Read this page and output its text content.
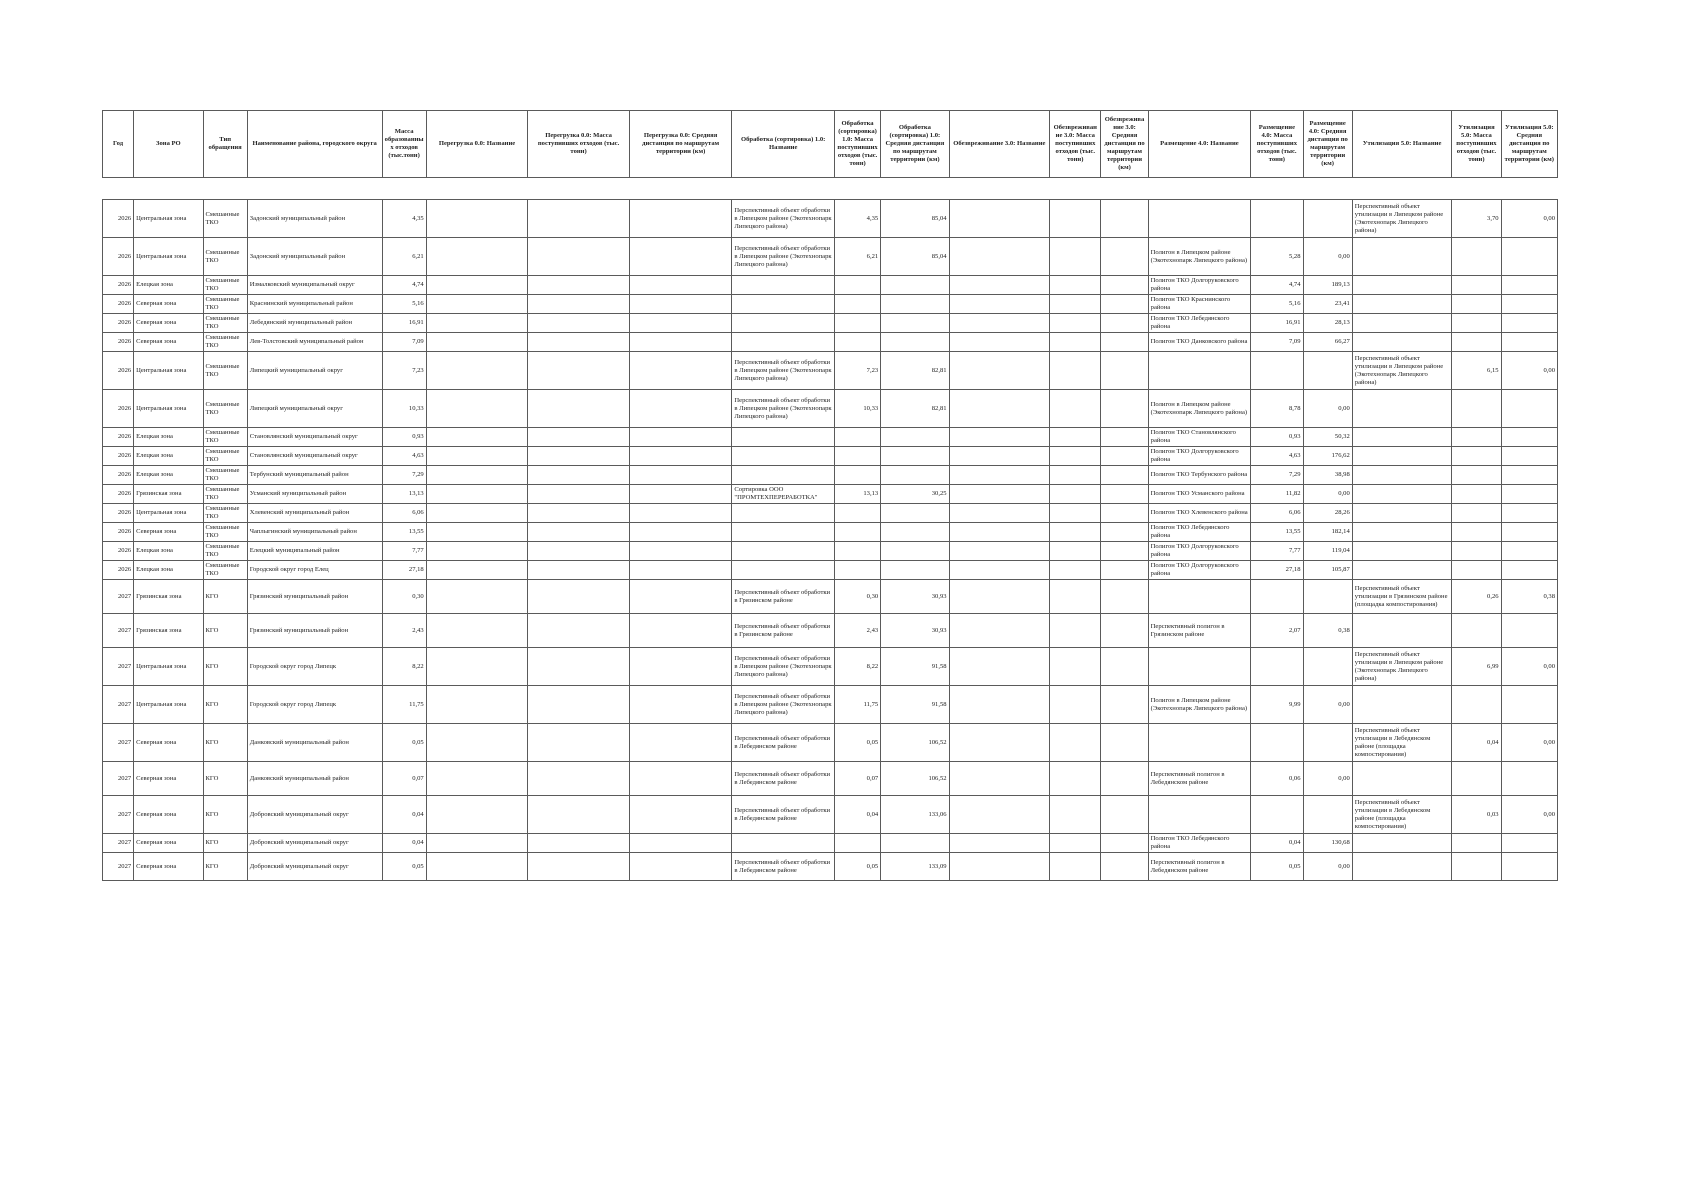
Год	Зона РО	Тип обращения	Наименование района, городского округа	Масса образованных отходов (тыс.тонн)	Перегрузка 0.0: Название	Перегрузка 0.0: Масса поступивших отходов (тыс. тонн)	Перегрузка 0.0: Средняя дистанция по маршрутам территории (км)	Обработка (сортировка) 1.0: Название	Обработка (сортировка) 1.0: Масса поступивших отходов (тыс. тонн)	Обработка (сортировка) 1.0: Средняя дистанция по маршрутам территории (км)	Обезвреживание 3.0: Название	Обезвреживание 3.0: Масса поступивших отходов (тыс. тонн)	Обезвреживание 3.0: Средняя дистанция по маршрутам территории (км)	Размещение 4.0: Название	Размещение 4.0: Масса поступивших отходов (тыс. тонн)	Размещение 4.0: Средняя дистанция по маршрутам территории (км)	Утилизация 5.0: Название	Утилизация 5.0: Масса поступивших отходов (тыс. тонн)	Утилизация 5.0: Средняя дистанция по маршрутам территории (км)
2026	Центральная зона	Смешанные ТКО	Задонский муниципальный район	4,35				Перспективный объект обработки в Липецком районе (Экотехнопарк Липецкого района)	4,35	85,04							Перспективный объект утилизации в Липецком районе (Экотехнопарк Липецкого района)	3,70	0,00
2026	Центральная зона	Смешанные ТКО	Задонский муниципальный район	6,21				Перспективный объект обработки в Липецком районе (Экотехнопарк Липецкого района)	6,21	85,04				Полигон в Липецком районе (Экотехнопарк Липецкого района)	5,28	0,00			
2026	Елецкая зона	Смешанные ТКО	Измалковский муниципальный округ	4,74										Полигон ТКО Долгоруковского района	4,74	189,13			
2026	Северная зона	Смешанные ТКО	Краснинский муниципальный район	5,16										Полигон ТКО Краснинского района	5,16	23,41			
2026	Северная зона	Смешанные ТКО	Лебедянский муниципальный район	16,91										Полигон ТКО Лебедянского района	16,91	28,13			
2026	Северная зона	Смешанные ТКО	Лев-Толстовский муниципальный район	7,09										Полигон ТКО Данковского района	7,09	66,27			
2026	Центральная зона	Смешанные ТКО	Липецкий муниципальный округ	7,23				Перспективный объект обработки в Липецком районе (Экотехнопарк Липецкого района)	7,23	82,81							Перспективный объект утилизации в Липецком районе (Экотехнопарк Липецкого района)	6,15	0,00
2026	Центральная зона	Смешанные ТКО	Липецкий муниципальный округ	10,33				Перспективный объект обработки в Липецком районе (Экотехнопарк Липецкого района)	10,33	82,81				Полигон в Липецком районе (Экотехнопарк Липецкого района)	8,78	0,00			
2026	Елецкая зона	Смешанные ТКО	Становлянский муниципальный округ	0,93										Полигон ТКО Становлянского района	0,93	50,32			
2026	Елецкая зона	Смешанные ТКО	Становлянский муниципальный округ	4,63										Полигон ТКО Долгоруковского района	4,63	176,62			
2026	Елецкая зона	Смешанные ТКО	Тербунский муниципальный район	7,29										Полигон ТКО Тербунского района	7,29	38,98			
2026	Грязинская зона	Смешанные ТКО	Усманский муниципальный район	13,13				Сортировка ООО "ПРОМТЕХПЕРЕРАБОТКА"	13,13	30,25				Полигон ТКО Усманского района	11,82	0,00			
2026	Центральная зона	Смешанные ТКО	Хлевенский муниципальный район	6,06										Полигон ТКО Хлевенского района	6,06	28,26			
2026	Северная зона	Смешанные ТКО	Чаплыгинский муниципальный район	13,55										Полигон ТКО Лебедянского района	13,55	182,14			
2026	Елецкая зона	Смешанные ТКО	Елецкий муниципальный район	7,77										Полигон ТКО Долгоруковского района	7,77	119,04			
2026	Елецкая зона	Смешанные ТКО	Городской округ город Елец	27,18										Полигон ТКО Долгоруковского района	27,18	105,87			
2027	Грязинская зона	КГО	Грязинский муниципальный район	0,30				Перспективный объект обработки в Грязинском районе	0,30	30,93							Перспективный объект утилизации в Грязинском районе (площадка компостирования)	0,26	0,38
2027	Грязинская зона	КГО	Грязинский муниципальный район	2,43				Перспективный объект обработки в Грязинском районе	2,43	30,93				Перспективный полигон в Грязинском районе	2,07	0,38			
2027	Центральная зона	КГО	Городской округ город Липецк	8,22				Перспективный объект обработки в Липецком районе (Экотехнопарк Липецкого района)	8,22	91,58							Перспективный объект утилизации в Липецком районе (Экотехнопарк Липецкого района)	6,99	0,00
2027	Центральная зона	КГО	Городской округ город Липецк	11,75				Перспективный объект обработки в Липецком районе (Экотехнопарк Липецкого района)	11,75	91,58				Полигон в Липецком районе (Экотехнопарк Липецкого района)	9,99	0,00			
2027	Северная зона	КГО	Данковский муниципальный район	0,05				Перспективный объект обработки в Лебедянском районе	0,05	106,52							Перспективный объект утилизации в Лебедянском районе (площадка компостирования)	0,04	0,00
2027	Северная зона	КГО	Данковский муниципальный район	0,07				Перспективный объект обработки в Лебедянском районе	0,07	106,52				Перспективный полигон в Лебедянском районе	0,06	0,00			
2027	Северная зона	КГО	Добровский муниципальный округ	0,04				Перспективный объект обработки в Лебедянском районе	0,04	133,06							Перспективный объект утилизации в Лебедянском районе (площадка компостирования)	0,03	0,00
2027	Северная зона	КГО	Добровский муниципальный округ	0,04										Полигон ТКО Лебедянского района	0,04	130,68			
2027	Северная зона	КГО	Добровский муниципальный округ	0,05				Перспективный объект обработки в Лебедянском районе	0,05	133,09				Перспективный полигон в Лебедянском районе	0,05	0,00			
